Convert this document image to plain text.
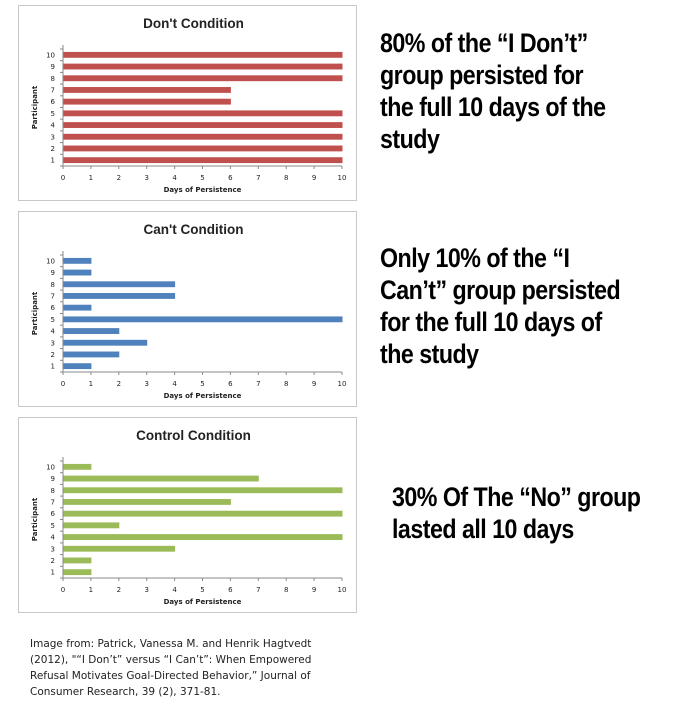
Don't Condition
Days of Persistence
Participant
0	1	2	3	4	5	6	7	8	9	10
1
2
3
4
5
6
7
8
9
10
Can't Condition
Days of Persistence
Participant
0	1	2	3	4	5	6	7	8	9	10
1
2
3
4
5
6
7
8
9
10
Control Condition
Days of Persistence
Participant
0	1	2	3	4	5	6	7	8	9	10
1
2
3
4
5
6
7
8
9
10
80% of the “I Don’t”
group persisted for
the full 10 days of the
study
Only 10% of the “I
Can’t” group persisted
for the full 10 days of
the study
30% Of The “No” group
lasted all 10 days
Image from: Patrick, Vanessa M. and Henrik Hagtvedt
(2012), "“I Don’t” versus “I Can’t”: When Empowered
Refusal Motivates Goal-Directed Behavior,” Journal of
Consumer Research, 39 (2), 371-81.
